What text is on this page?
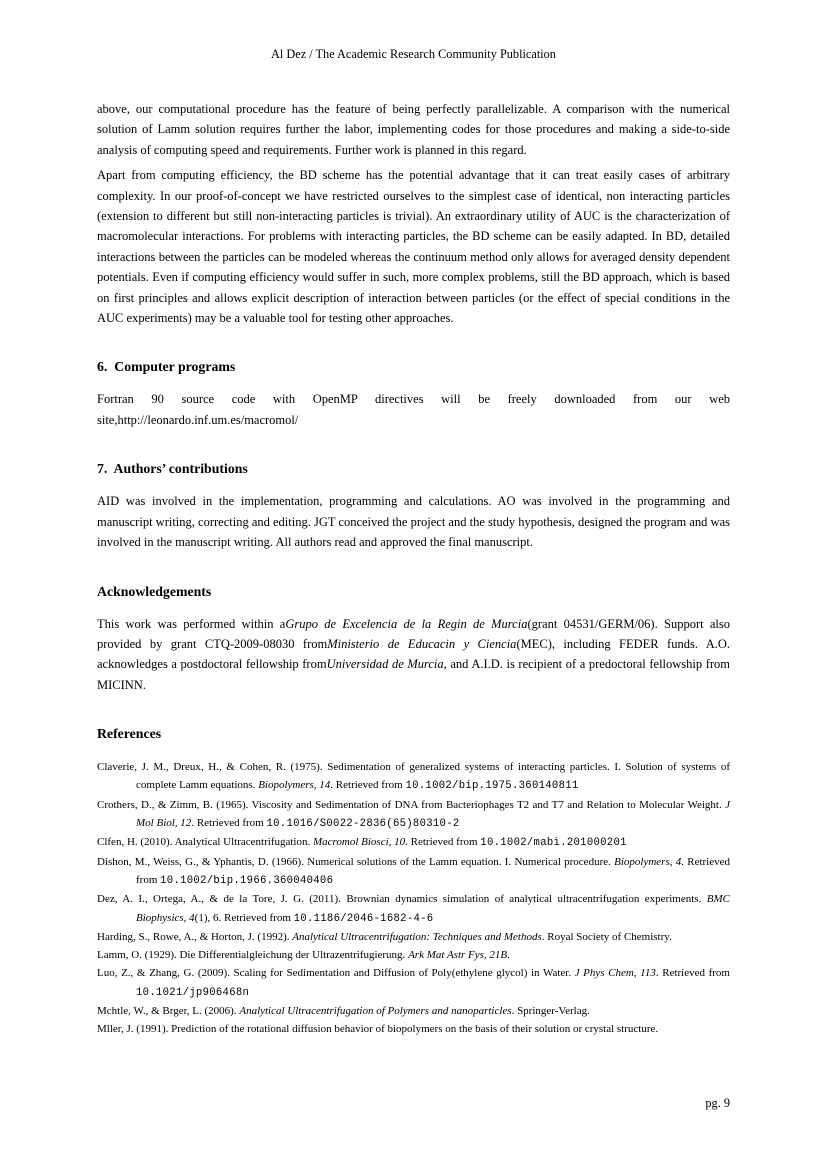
Al Dez / The Academic Research Community Publication

above, our computational procedure has the feature of being perfectly parallelizable. A comparison with the numerical solution of Lamm solution requires further the labor, implementing codes for those procedures and making a side-to-side analysis of computing speed and requirements. Further work is planned in this regard.

Apart from computing efficiency, the BD scheme has the potential advantage that it can treat easily cases of arbitrary complexity. In our proof-of-concept we have restricted ourselves to the simplest case of identical, non interacting particles (extension to different but still non-interacting particles is trivial). An extraordinary utility of AUC is the characterization of macromolecular interactions. For problems with interacting particles, the BD scheme can be easily adapted. In BD, detailed interactions between the particles can be modeled whereas the continuum method only allows for averaged density dependent potentials. Even if computing efficiency would suffer in such, more complex problems, still the BD approach, which is based on first principles and allows explicit description of interaction between particles (or the effect of special conditions in the AUC experiments) may be a valuable tool for testing other approaches.

6.  Computer programs

Fortran 90 source code with OpenMP directives will be freely downloaded from our web site,http://leonardo.inf.um.es/macromol/

7.  Authors’ contributions

AID was involved in the implementation, programming and calculations. AO was involved in the programming and manuscript writing, correcting and editing. JGT conceived the project and the study hypothesis, designed the program and was involved in the manuscript writing. All authors read and approved the final manuscript.

Acknowledgements

This work was performed within aGrupo de Excelencia de la Regin de Murcia(grant 04531/GERM/06). Support also provided by grant CTQ-2009-08030 fromMinisterio de Educacin y Ciencia(MEC), including FEDER funds. A.O. acknowledges a postdoctoral fellowship fromUniversidad de Murcia, and A.I.D. is recipient of a predoctoral fellowship from MICINN.

References

Claverie, J. M., Dreux, H., & Cohen, R. (1975). Sedimentation of generalized systems of interacting particles. I. Solution of systems of complete Lamm equations. Biopolymers, 14. Retrieved from 10.1002/bip.1975.360140811

Crothers, D., & Zimm, B. (1965). Viscosity and Sedimentation of DNA from Bacteriophages T2 and T7 and Relation to Molecular Weight. J Mol Biol, 12. Retrieved from 10.1016/S0022-2836(65)80310-2

Clfen, H. (2010). Analytical Ultracentrifugation. Macromol Biosci, 10. Retrieved from 10.1002/mabi.201000201

Dishon, M., Weiss, G., & Yphantis, D. (1966). Numerical solutions of the Lamm equation. I. Numerical procedure. Biopolymers, 4. Retrieved from 10.1002/bip.1966.360040406

Dez, A. I., Ortega, A., & de la Tore, J. G. (2011). Brownian dynamics simulation of analytical ultracentrifugation experiments. BMC Biophysics, 4(1), 6. Retrieved from 10.1186/2046-1682-4-6

Harding, S., Rowe, A., & Horton, J. (1992). Analytical Ultracentrifugation: Techniques and Methods. Royal Society of Chemistry.

Lamm, O. (1929). Die Differentialgleichung der Ultrazentrifugierung. Ark Mat Astr Fys, 21B.

Luo, Z., & Zhang, G. (2009). Scaling for Sedimentation and Diffusion of Poly(ethylene glycol) in Water. J Phys Chem, 113. Retrieved from 10.1021/jp906468n

Mchtle, W., & Brger, L. (2006). Analytical Ultracentrifugation of Polymers and nanoparticles. Springer-Verlag.

Mller, J. (1991). Prediction of the rotational diffusion behavior of biopolymers on the basis of their solution or crystal structure.

pg. 9
